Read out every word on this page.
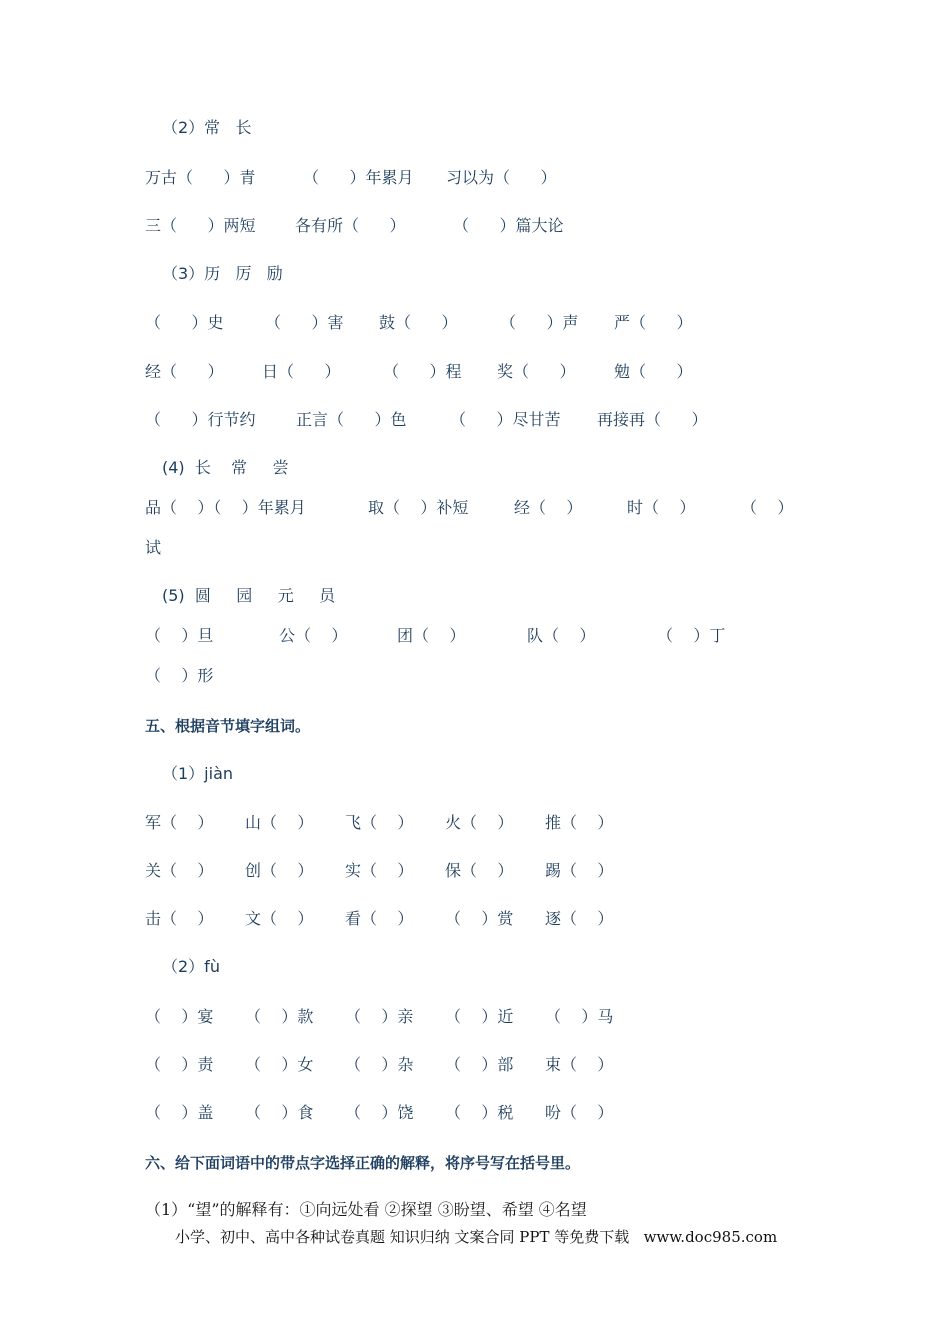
（2）常   长
万古（      ）青	（      ）年累月 习以为（      ）
三（      ）两短 各有所（      ）	（      ）篇大论
（3）历   厉   励
（      ）史	（      ）害 鼓（      ）	（      ）声 严（      ）
经（      ） 日（      ）	（      ）程 奖（      ） 勉（      ）
（      ）行节约	正言（      ）色	（      ）尽甘苦 再接再（      ）
(4)  长    常     尝
品（    ）（    ）年累月	取（    ）补短	经（    ）	时（    ）	（    ）
试
(5)  圆     园     元     员
（    ）旦	公（    ）	团（    ）	队（    ）	（    ）丁
（    ）形
五、根据音节填字组词。
（1）jiàn
军（    ） 山（    ） 飞（    ） 火（    ） 推（    ）
关（    ） 创（    ） 实（    ） 保（    ） 踢（    ）
击（    ） 文（    ） 看（    ） （    ）赏 逐（    ）
（2）fù
（    ）宴 （    ）款 （    ）亲 （    ）近 （    ）马
（    ）责 （    ）女 （    ）杂 （    ）部 束（    ）
（    ）盖 （    ）食 （    ）饶 （    ）税 吩（    ）
六、给下面词语中的带点字选择正确的解释，将序号写在括号里。
（1）“望”的解释有：①向远处看 ②探望 ③盼望、希望 ④名望
小学、初中、高中各种试卷真题 知识归纳 文案合同 PPT 等免费下载   www.doc985.com
